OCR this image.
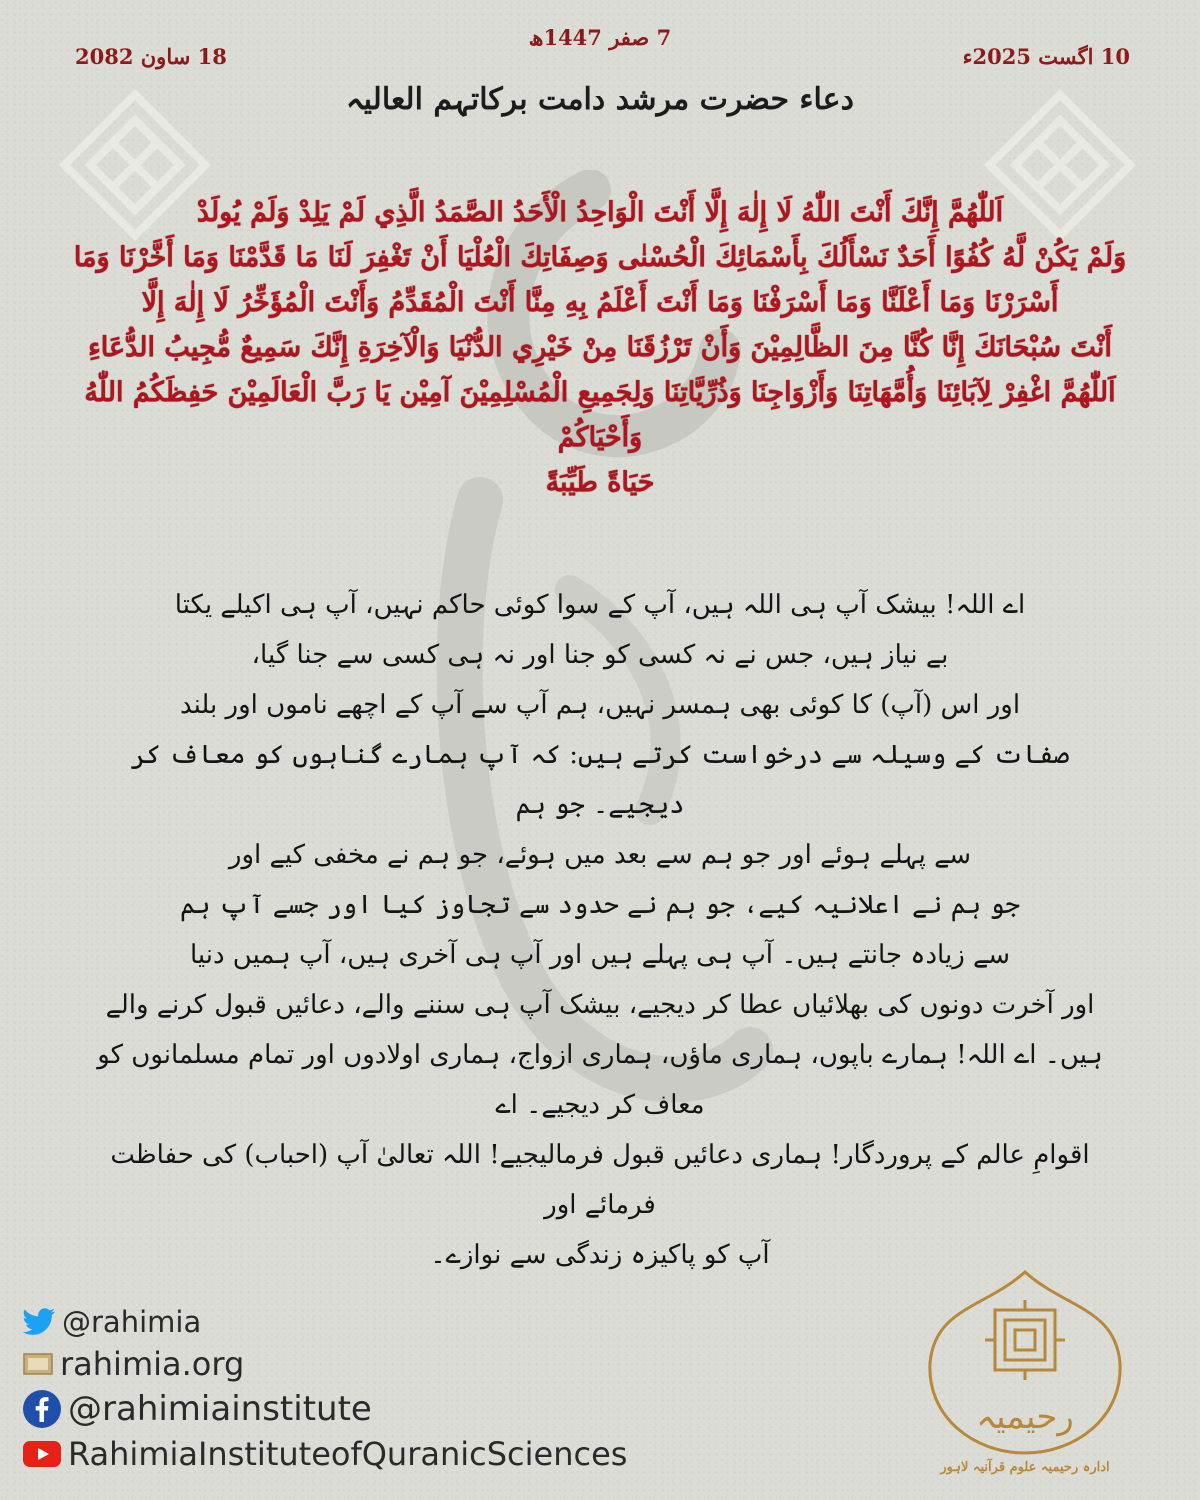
7 صفر 1447ھ
18 ساون 2082	10 اگست 2025ء
دعاء حضرت مرشد دامت برکاتہم العالیہ

اَللّٰهُمَّ إِنَّكَ أَنْتَ اللّٰهُ لَا إِلٰهَ إِلَّا أَنْتَ الْوَاحِدُ الْأَحَدُ الصَّمَدُ الَّذِي لَمْ يَلِدْ وَلَمْ يُولَدْ

وَلَمْ يَكُنْ لَّهُ كُفُوًا أَحَدٌ نَسْأَلُكَ بِأَسْمَائِكَ الْحُسْنٰى وَصِفَاتِكَ الْعُلْيَا أَنْ تَغْفِرَ لَنَا مَا قَدَّمْنَا وَمَا أَخَّرْنَا وَمَا

أَسْرَرْنَا وَمَا أَعْلَنَّا وَمَا أَسْرَفْنَا وَمَا أَنْتَ أَعْلَمُ بِهِ مِنَّا أَنْتَ الْمُقَدِّمُ وَأَنْتَ الْمُؤَخِّرُ لَا إِلٰهَ إِلَّا

أَنْتَ سُبْحَانَكَ إِنَّا كُنَّا مِنَ الظَّالِمِيْنَ وَأَنْ تَرْزُقَنَا مِنْ خَيْرِي الدُّنْيَا وَالْآخِرَةِ إِنَّكَ سَمِيعٌ مُّجِيبُ الدُّعَاءِ

اَللّٰهُمَّ اغْفِرْ لِآبَائِنَا وَأُمَّهَاتِنَا وَأَزْوَاجِنَا وَذُرِّيَّاتِنَا وَلِجَمِيعِ الْمُسْلِمِيْنَ آمِيْن يَا رَبَّ الْعَالَمِيْنَ حَفِظَكُمُ اللّٰهُ وَأَحْيَاكُمْ

حَيَاةً طَيِّبَةً

اے اللہ! بیشک آپ ہی اللہ ہیں، آپ کے سوا کوئی حاکم نہیں، آپ ہی اکیلے یکتا

بے نیاز ہیں، جس نے نہ کسی کو جنا اور نہ ہی کسی سے جنا گیا،

اور اس (آپ) کا کوئی بھی ہمسر نہیں، ہم آپ سے آپ کے اچھے ناموں اور بلند

صفات کے وسیلہ سے درخواست کرتے ہیں: کہ آپ ہمارے گناہوں کو معاف کر دیجیے۔ جو ہم

سے پہلے ہوئے اور جو ہم سے بعد میں ہوئے، جو ہم نے مخفی کیے اور

جو ہم نے اعلانیہ کیے، جو ہم نے حدود سے تجاوز کیا اور جسے آپ ہم

سے زیادہ جانتے ہیں۔ آپ ہی پہلے ہیں اور آپ ہی آخری ہیں، آپ ہمیں دنیا

اور آخرت دونوں کی بھلائیاں عطا کر دیجیے، بیشک آپ ہی سننے والے، دعائیں قبول کرنے والے

ہیں۔ اے اللہ! ہمارے باپوں، ہماری ماؤں، ہماری ازواج، ہماری اولادوں اور تمام مسلمانوں کو معاف کر دیجیے۔ اے

اقوامِ عالم کے پروردگار! ہماری دعائیں قبول فرمالیجیے! اللہ تعالیٰ آپ (احباب) کی حفاظت فرمائے اور

آپ کو پاکیزہ زندگی سے نوازے۔

@rahimia
rahimia.org
@rahimiainstitute
RahimiaInstituteofQuranicSciences
رحیمیہ
ادارہ رحیمیہ علوم قرآنیہ لاہور
